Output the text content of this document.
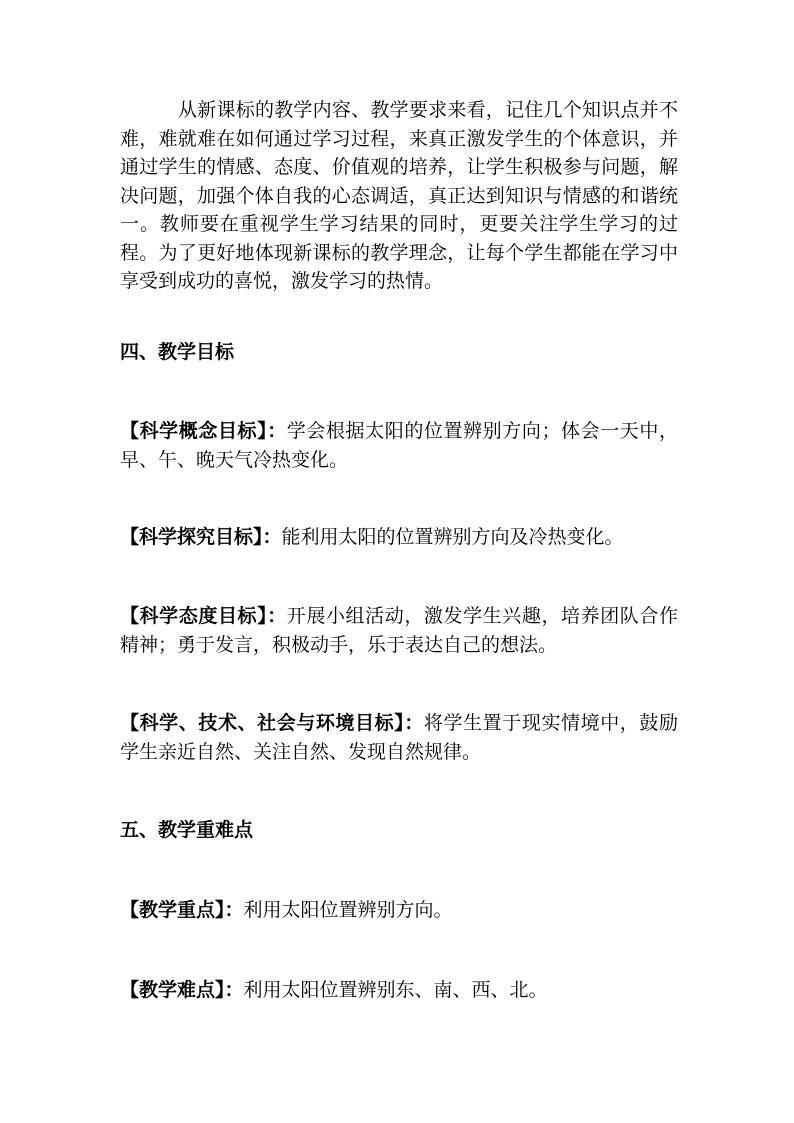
从新课标的教学内容、教学要求来看，记住几个知识点并不难，难就难在如何通过学习过程，来真正激发学生的个体意识，并通过学生的情感、态度、价值观的培养，让学生积极参与问题，解决问题，加强个体自我的心态调适，真正达到知识与情感的和谐统一。教师要在重视学生学习结果的同时，更要关注学生学习的过程。为了更好地体现新课标的教学理念，让每个学生都能在学习中享受到成功的喜悦，激发学习的热情。

四、教学目标

【科学概念目标】：学会根据太阳的位置辨别方向；体会一天中，早、午、晚天气冷热变化。

【科学探究目标】：能利用太阳的位置辨别方向及冷热变化。

【科学态度目标】：开展小组活动，激发学生兴趣，培养团队合作精神；勇于发言，积极动手，乐于表达自己的想法。

【科学、技术、社会与环境目标】：将学生置于现实情境中，鼓励学生亲近自然、关注自然、发现自然规律。

五、教学重难点

【教学重点】：利用太阳位置辨别方向。

【教学难点】：利用太阳位置辨别东、南、西、北。
